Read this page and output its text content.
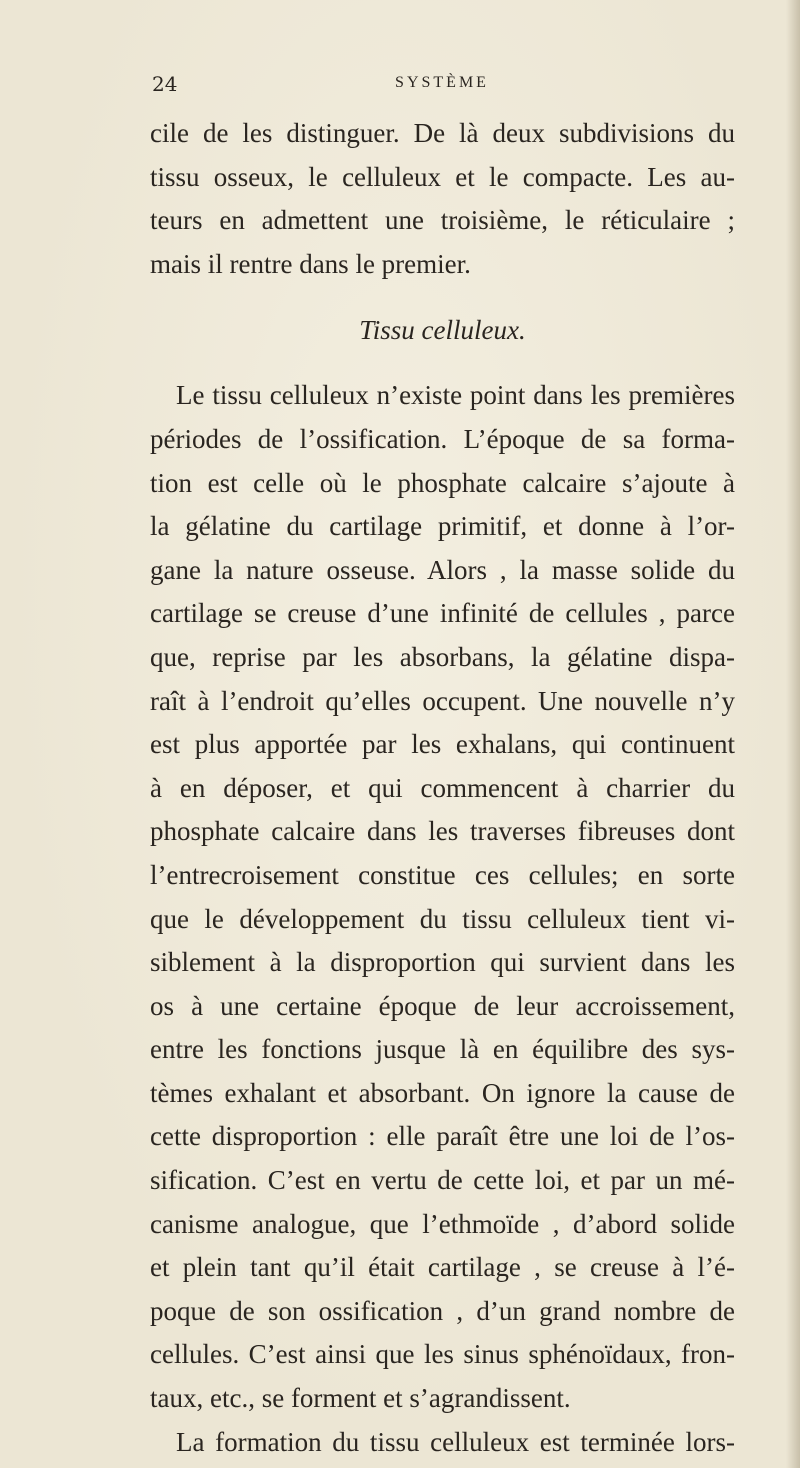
24	SYSTÈME
cile de les distinguer. De là deux subdivisions du
tissu osseux, le celluleux et le compacte. Les au-
teurs en admettent une troisième, le réticulaire ;
mais il rentre dans le premier.
Tissu celluleux.
Le tissu celluleux n’existe point dans les premières
périodes de l’ossification. L’époque de sa forma-
tion est celle où le phosphate calcaire s’ajoute à
la gélatine du cartilage primitif, et donne à l’or-
gane la nature osseuse. Alors , la masse solide du
cartilage se creuse d’une infinité de cellules , parce
que, reprise par les absorbans, la gélatine dispa-
raît à l’endroit qu’elles occupent. Une nouvelle n’y
est plus apportée par les exhalans, qui continuent
à en déposer, et qui commencent à charrier du
phosphate calcaire dans les traverses fibreuses dont
l’entrecroisement constitue ces cellules; en sorte
que le développement du tissu celluleux tient vi-
siblement à la disproportion qui survient dans les
os à une certaine époque de leur accroissement,
entre les fonctions jusque là en équilibre des sys-
tèmes exhalant et absorbant. On ignore la cause de
cette disproportion : elle paraît être une loi de l’os-
sification. C’est en vertu de cette loi, et par un mé-
canisme analogue, que l’ethmoïde , d’abord solide
et plein tant qu’il était cartilage , se creuse à l’é-
poque de son ossification , d’un grand nombre de
cellules. C’est ainsi que les sinus sphénoïdaux, fron-
taux, etc., se forment et s’agrandissent.
La formation du tissu celluleux est terminée lors-
